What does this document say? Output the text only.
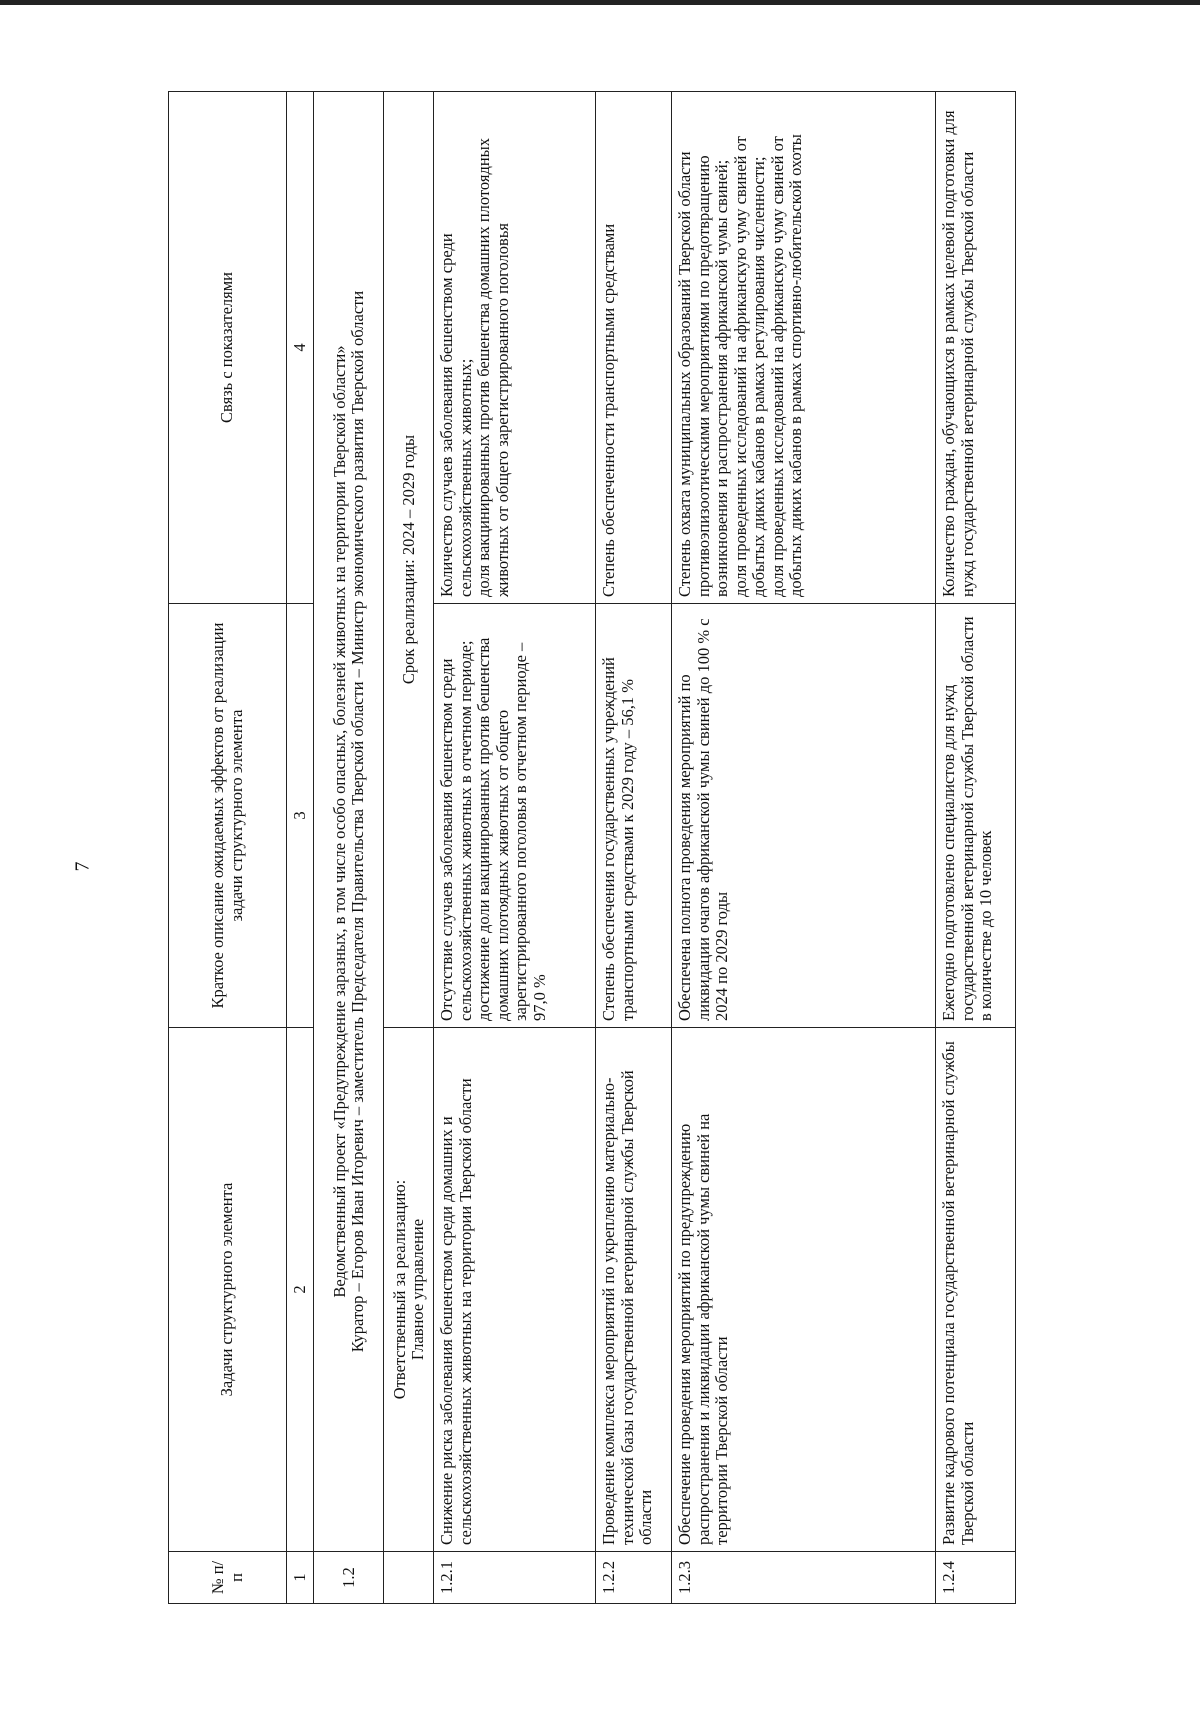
7
№ п/п	Задачи структурного элемента	Краткое описание ожидаемых эффектов от реализации задачи структурного элемента	Связь с показателями
1	2	3	4
1.2	Ведомственный проект «Предупреждение заразных, в том числе особо опасных, болезней животных на территории Тверской области» Куратор – Егоров Иван Игоревич – заместитель Председателя Правительства Тверской области – Министр экономического развития Тверской области		

	Ответственный за реализацию: Главное управление	Срок реализации: 2024 – 2029 годы	
1.2.1	Снижение риска заболевания бешенством среди домашних и сельскохозяйственных животных на территории Тверской области	Отсутствие случаев заболевания бешенством среди сельскохозяйственных животных в отчетном периоде; достижение доли вакцинированных против бешенства домашних плотоядных животных от общего зарегистрированного поголовья в отчетном периоде – 97,0 %	Количество случаев заболевания бешенством среди сельскохозяйственных животных; доля вакцинированных против бешенства домашних плотоядных животных от общего зарегистрированного поголовья

1.2.2	Проведение комплекса мероприятий по укреплению материально-технической базы государственной ветеринарной службы Тверской области	Степень обеспечения государственных учреждений транспортными средствами к 2029 году – 56,1 %	Степень обеспеченности транспортными средствами

1.2.3	Обеспечение проведения мероприятий по предупреждению распространения и ликвидации африканской чумы свиней на территории Тверской области	Обеспечена полнота проведения мероприятий по ликвидации очагов африканской чумы свиней до 100 % с 2024 по 2029 годы	Степень охвата муниципальных образований Тверской области противоэпизоотическими мероприятиями по предотвращению возникновения и распространения африканской чумы свиней; доля проведенных исследований на африканскую чуму свиней от добытых диких кабанов в рамках регулирования численности; доля проведенных исследований на африканскую чуму свиней от добытых диких кабанов в рамках спортивно-любительской охоты

1.2.4	Развитие кадрового потенциала государственной ветеринарной службы Тверской области	Ежегодно подготовлено специалистов для нужд государственной ветеринарной службы Тверской области в количестве до 10 человек	Количество граждан, обучающихся в рамках целевой подготовки для нужд государственной ветеринарной службы Тверской области
